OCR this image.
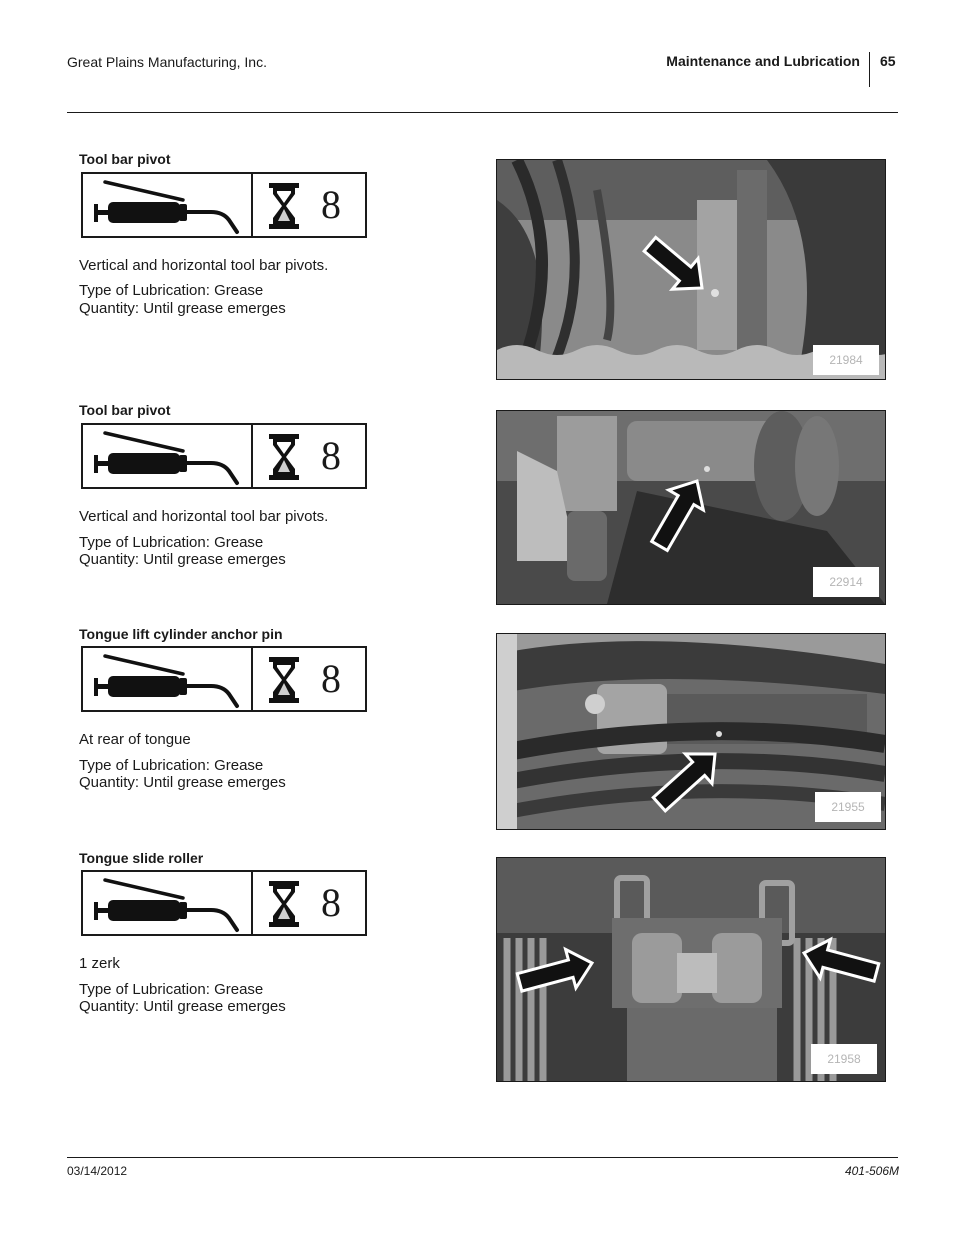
Great Plains Manufacturing, Inc.	Maintenance and Lubrication 65
Tool bar pivot
8
Vertical and horizontal tool bar pivots.
Type of Lubrication: Grease
Quantity: Until grease emerges
21984
Tool bar pivot
8
Vertical and horizontal tool bar pivots.
Type of Lubrication: Grease
Quantity: Until grease emerges
22914
Tongue lift cylinder anchor pin
8
At rear of tongue
Type of Lubrication: Grease
Quantity: Until grease emerges
21955
Tongue slide roller
8
1 zerk
Type of Lubrication: Grease
Quantity: Until grease emerges
21958
03/14/2012	401-506M
